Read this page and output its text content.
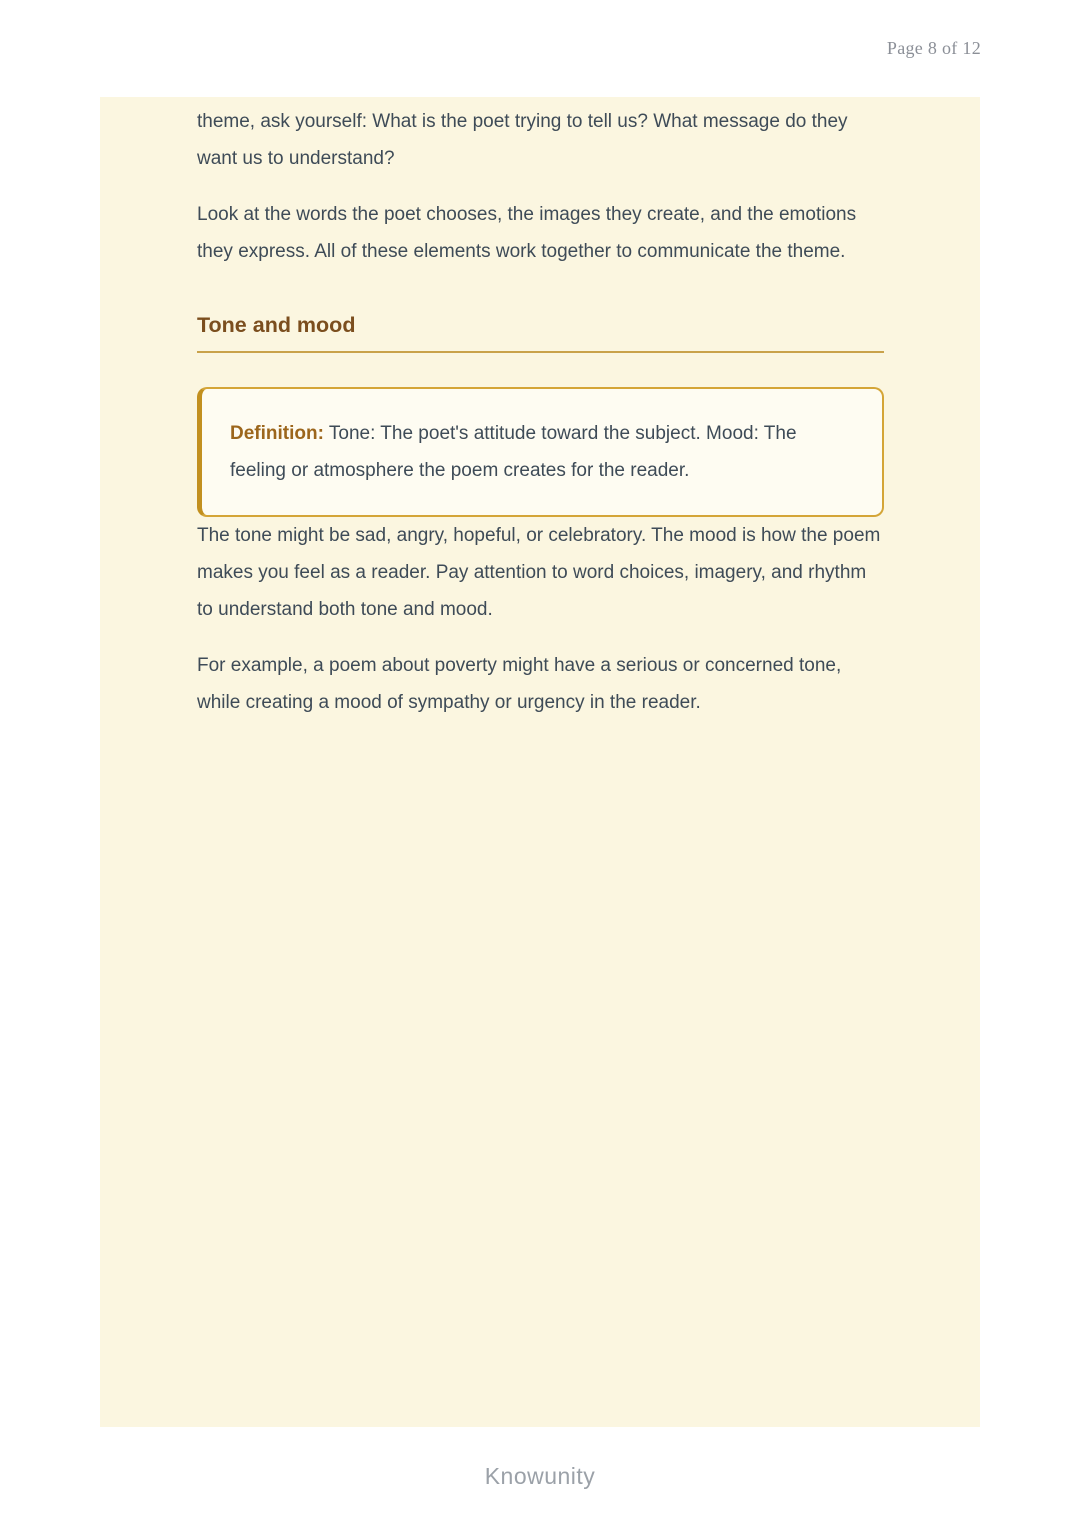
Page 8 of 12

theme, ask yourself: What is the poet trying to tell us? What message do they want us to understand?

Look at the words the poet chooses, the images they create, and the emotions they express. All of these elements work together to communicate the theme.

Tone and mood
Definition: Tone: The poet's attitude toward the subject. Mood: The feeling or atmosphere the poem creates for the reader.

The tone might be sad, angry, hopeful, or celebratory. The mood is how the poem makes you feel as a reader. Pay attention to word choices, imagery, and rhythm to understand both tone and mood.

For example, a poem about poverty might have a serious or concerned tone, while creating a mood of sympathy or urgency in the reader.

Knowunity
